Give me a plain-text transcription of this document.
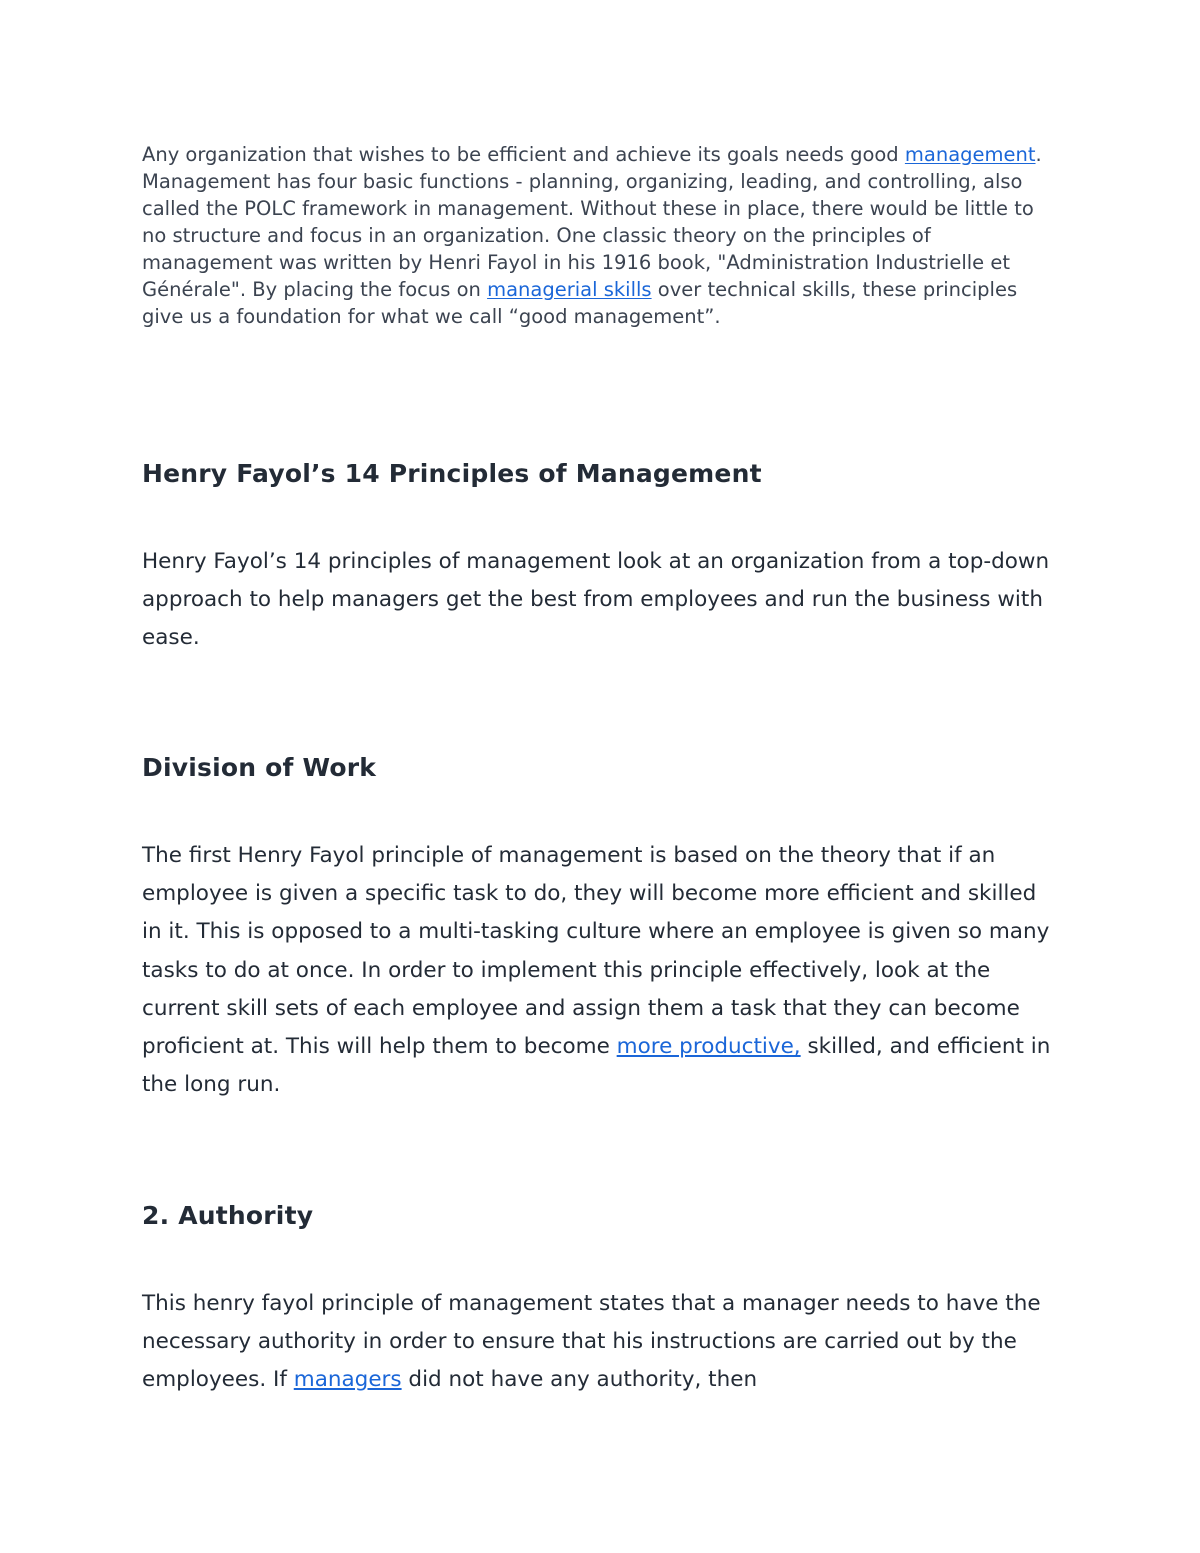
Any organization that wishes to be efficient and achieve its goals needs good management. Management has four basic functions - planning, organizing, leading, and controlling, also called the POLC framework in management. Without these in place, there would be little to no structure and focus in an organization. One classic theory on the principles of management was written by Henri Fayol in his 1916 book, "Administration Industrielle et Générale". By placing the focus on managerial skills over technical skills, these principles give us a foundation for what we call “good management”.

Henry Fayol’s 14 Principles of Management

Henry Fayol’s 14 principles of management look at an organization from a top-down approach to help managers get the best from employees and run the business with ease.

Division of Work

The first Henry Fayol principle of management is based on the theory that if an employee is given a specific task to do, they will become more efficient and skilled in it. This is opposed to a multi-tasking culture where an employee is given so many tasks to do at once. In order to implement this principle effectively, look at the current skill sets of each employee and assign them a task that they can become proficient at. This will help them to become more productive, skilled, and efficient in the long run.

2. Authority

This henry fayol principle of management states that a manager needs to have the necessary authority in order to ensure that his instructions are carried out by the employees. If managers did not have any authority, then
